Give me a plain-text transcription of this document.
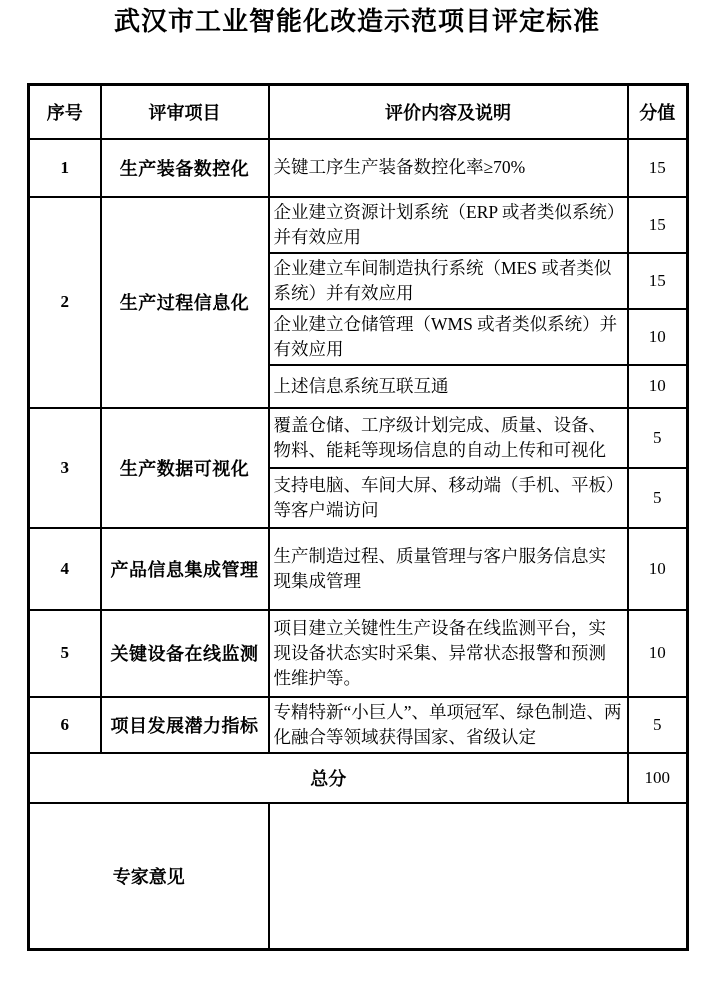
武汉市工业智能化改造示范项目评定标准
序号	评审项目	评价内容及说明	分值
1	生产装备数控化	关键工序生产装备数控化率≥70%	15
2	生产过程信息化	企业建立资源计划系统（ERP 或者类似系统）并有效应用	15
		企业建立车间制造执行系统（MES 或者类似系统）并有效应用	15
		企业建立仓储管理（WMS 或者类似系统）并有效应用	10
		上述信息系统互联互通	10
3	生产数据可视化	覆盖仓储、工序级计划完成、质量、设备、物料、能耗等现场信息的自动上传和可视化	5
		支持电脑、车间大屏、移动端（手机、平板）等客户端访问	5
4	产品信息集成管理	生产制造过程、质量管理与客户服务信息实现集成管理	10
5	关键设备在线监测	项目建立关键性生产设备在线监测平台，实现设备状态实时采集、异常状态报警和预测性维护等。	10
6	项目发展潜力指标	专精特新“小巨人”、单项冠军、绿色制造、两化融合等领域获得国家、省级认定	5
总分			100
专家意见			
